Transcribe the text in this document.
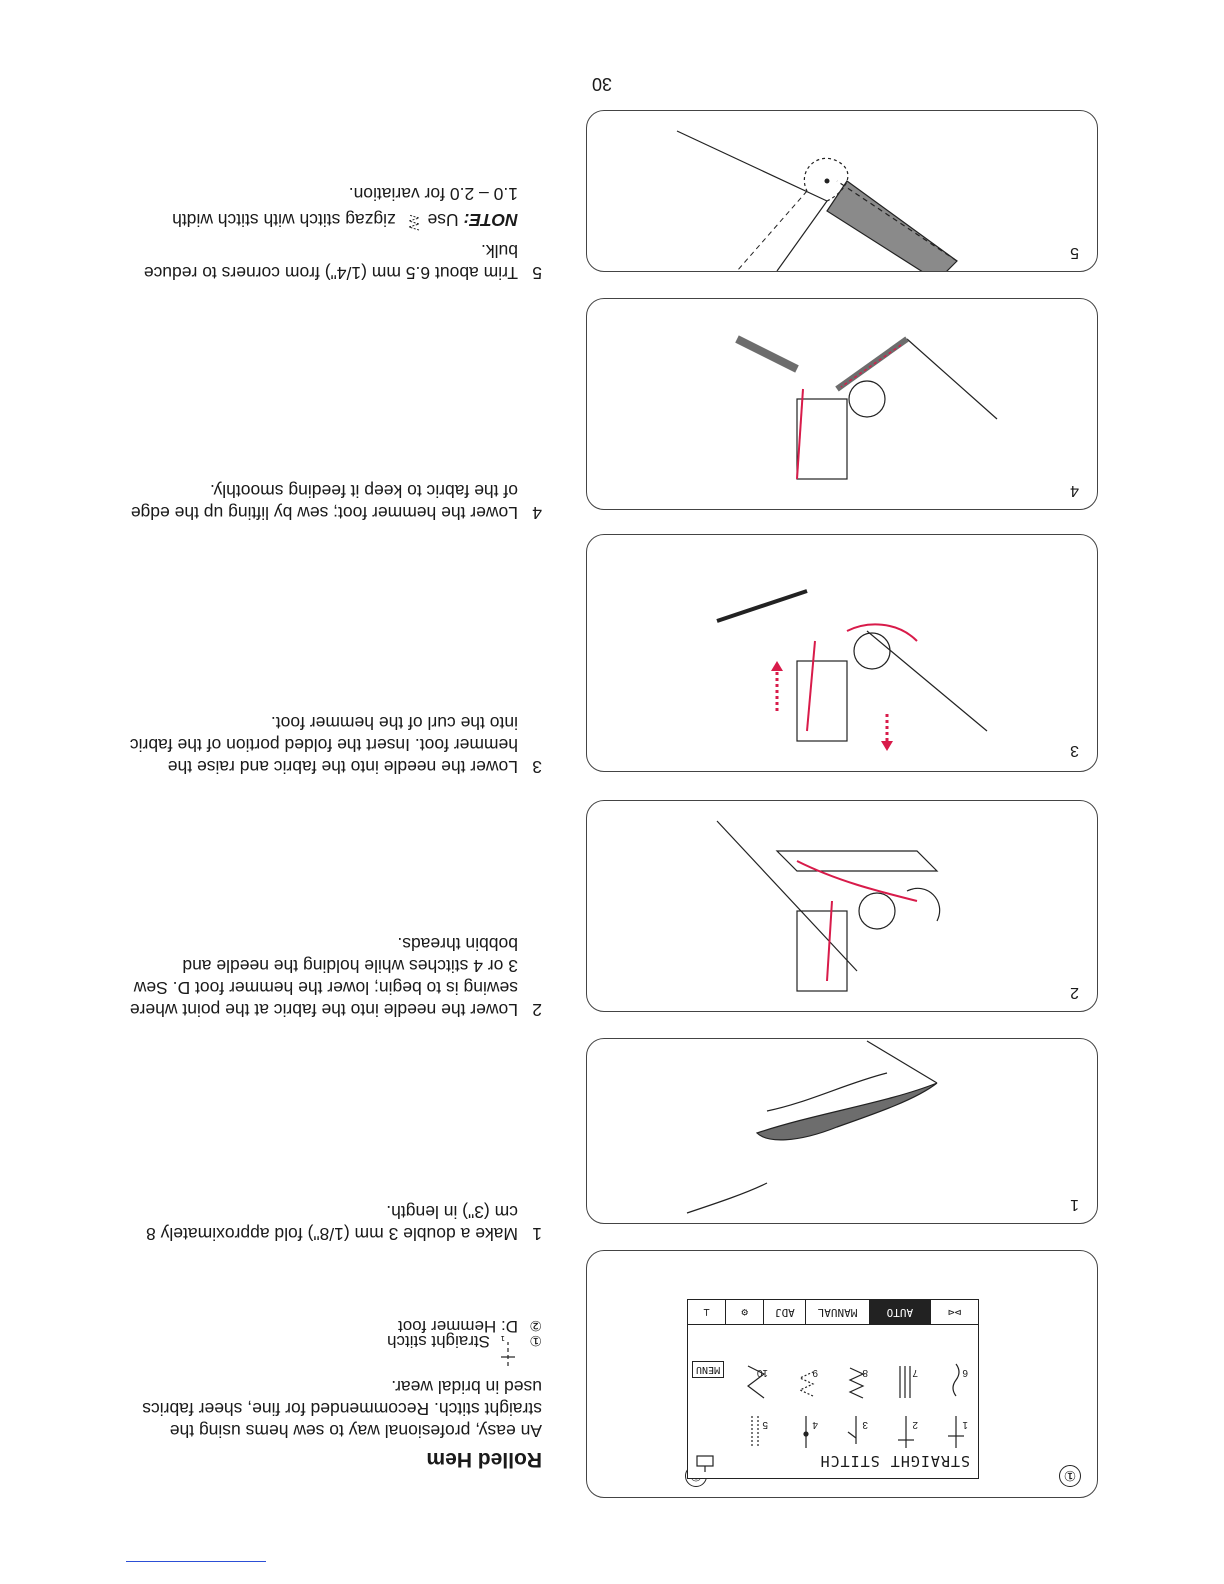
Rolled Hem
An easy, profesional way to sew hems using the
straight stitch. Recommended for fine, sheer fabrics
used in bridal wear.
①
1
Straight stitch
②D: Hemmer foot
1
Make a double 3 mm (1/8") fold approximately 8
cm (3") in length.
2
Lower the needle into the fabric at the point where
sewing is to begin; lower the hemmer foot D. Sew
3 or 4 stitches while holding the needle and
bobbin threads.
3
Lower the needle into the fabric and raise the
hemmer foot. Insert the folded portion of the fabric
into the curl of the hemmer foot.
4
Lower the hemmer foot; sew by lifting up the edge
of the fabric to keep it feeding smoothly.
5
Trim about 6.5 mm (1/4") from corners to reduce
bulk.
NOTE: Use  zigzag stitch with stitch width
1.0 – 2.0 for variation.
①
STRAIGHT STITCH
1
2
3
4
5
6
7
8
9
10
MENU
⊳⊲
AUTO
MANUAL
ADJ
⚙
⊥
1
2
3
4
5
30
